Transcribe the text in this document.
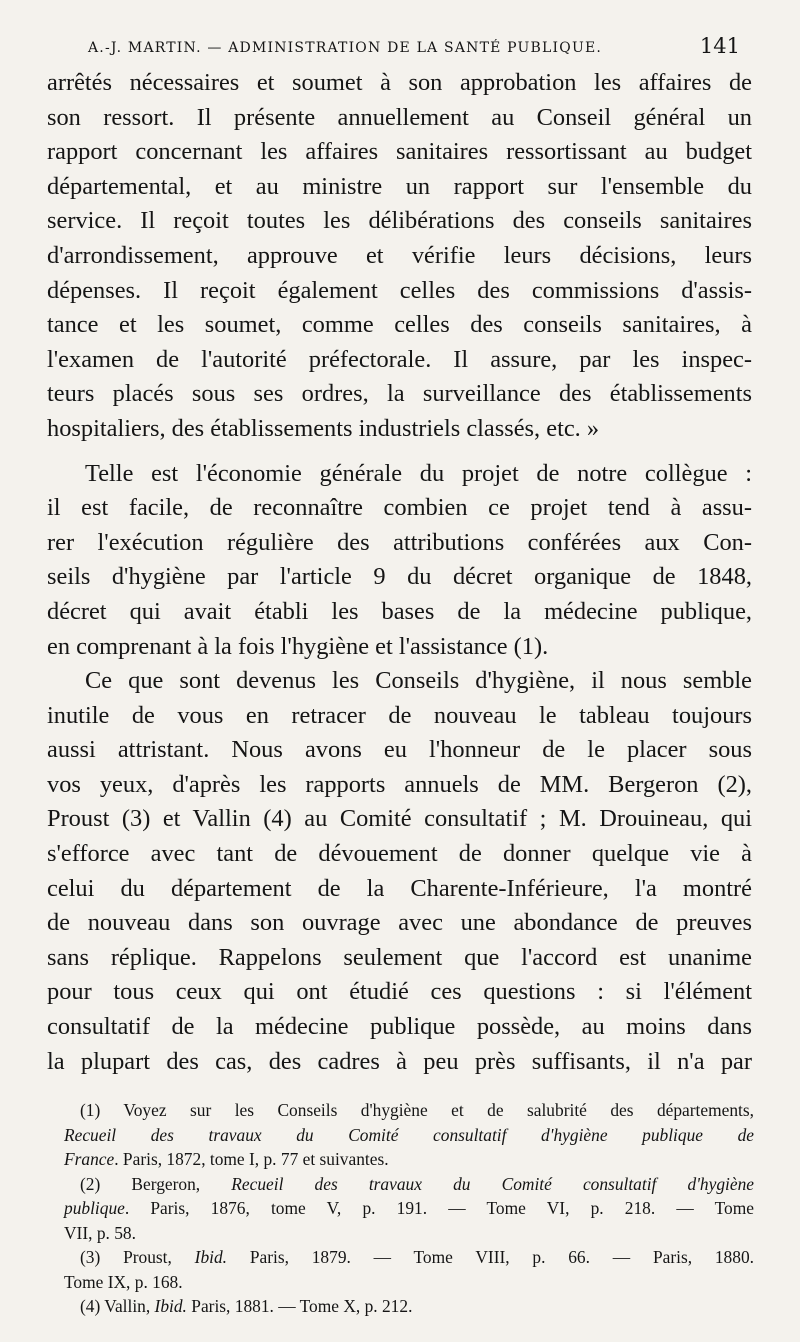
A.-J. MARTIN. — ADMINISTRATION DE LA SANTÉ PUBLIQUE.	141
arrêtés nécessaires et soumet à son approbation les affaires de
son ressort. Il présente annuellement au Conseil général un
rapport concernant les affaires sanitaires ressortissant au budget
départemental, et au ministre un rapport sur l'ensemble du
service. Il reçoit toutes les délibérations des conseils sanitaires
d'arrondissement, approuve et vérifie leurs décisions, leurs
dépenses. Il reçoit également celles des commissions d'assis-
tance et les soumet, comme celles des conseils sanitaires, à
l'examen de l'autorité préfectorale. Il assure, par les inspec-
teurs placés sous ses ordres, la surveillance des établissements
hospitaliers, des établissements industriels classés, etc. »
Telle est l'économie générale du projet de notre collègue :
il est facile, de reconnaître combien ce projet tend à assu-
rer l'exécution régulière des attributions conférées aux Con-
seils d'hygiène par l'article 9 du décret organique de 1848,
décret qui avait établi les bases de la médecine publique,
en comprenant à la fois l'hygiène et l'assistance (1).
Ce que sont devenus les Conseils d'hygiène, il nous semble
inutile de vous en retracer de nouveau le tableau toujours
aussi attristant. Nous avons eu l'honneur de le placer sous
vos yeux, d'après les rapports annuels de MM. Bergeron (2),
Proust (3) et Vallin (4) au Comité consultatif ; M. Drouineau, qui
s'efforce avec tant de dévouement de donner quelque vie à
celui du département de la Charente-Inférieure, l'a montré
de nouveau dans son ouvrage avec une abondance de preuves
sans réplique. Rappelons seulement que l'accord est unanime
pour tous ceux qui ont étudié ces questions : si l'élément
consultatif de la médecine publique possède, au moins dans
la plupart des cas, des cadres à peu près suffisants, il n'a par
(1) Voyez sur les Conseils d'hygiène et de salubrité des départements,
Recueil des travaux du Comité consultatif d'hygiène publique de
France. Paris, 1872, tome I, p. 77 et suivantes.
(2) Bergeron, Recueil des travaux du Comité consultatif d'hygiène
publique. Paris, 1876, tome V, p. 191. — Tome VI, p. 218. — Tome
VII, p. 58.
(3) Proust, Ibid. Paris, 1879. — Tome VIII, p. 66. — Paris, 1880.
Tome IX, p. 168.
(4) Vallin, Ibid. Paris, 1881. — Tome X, p. 212.
